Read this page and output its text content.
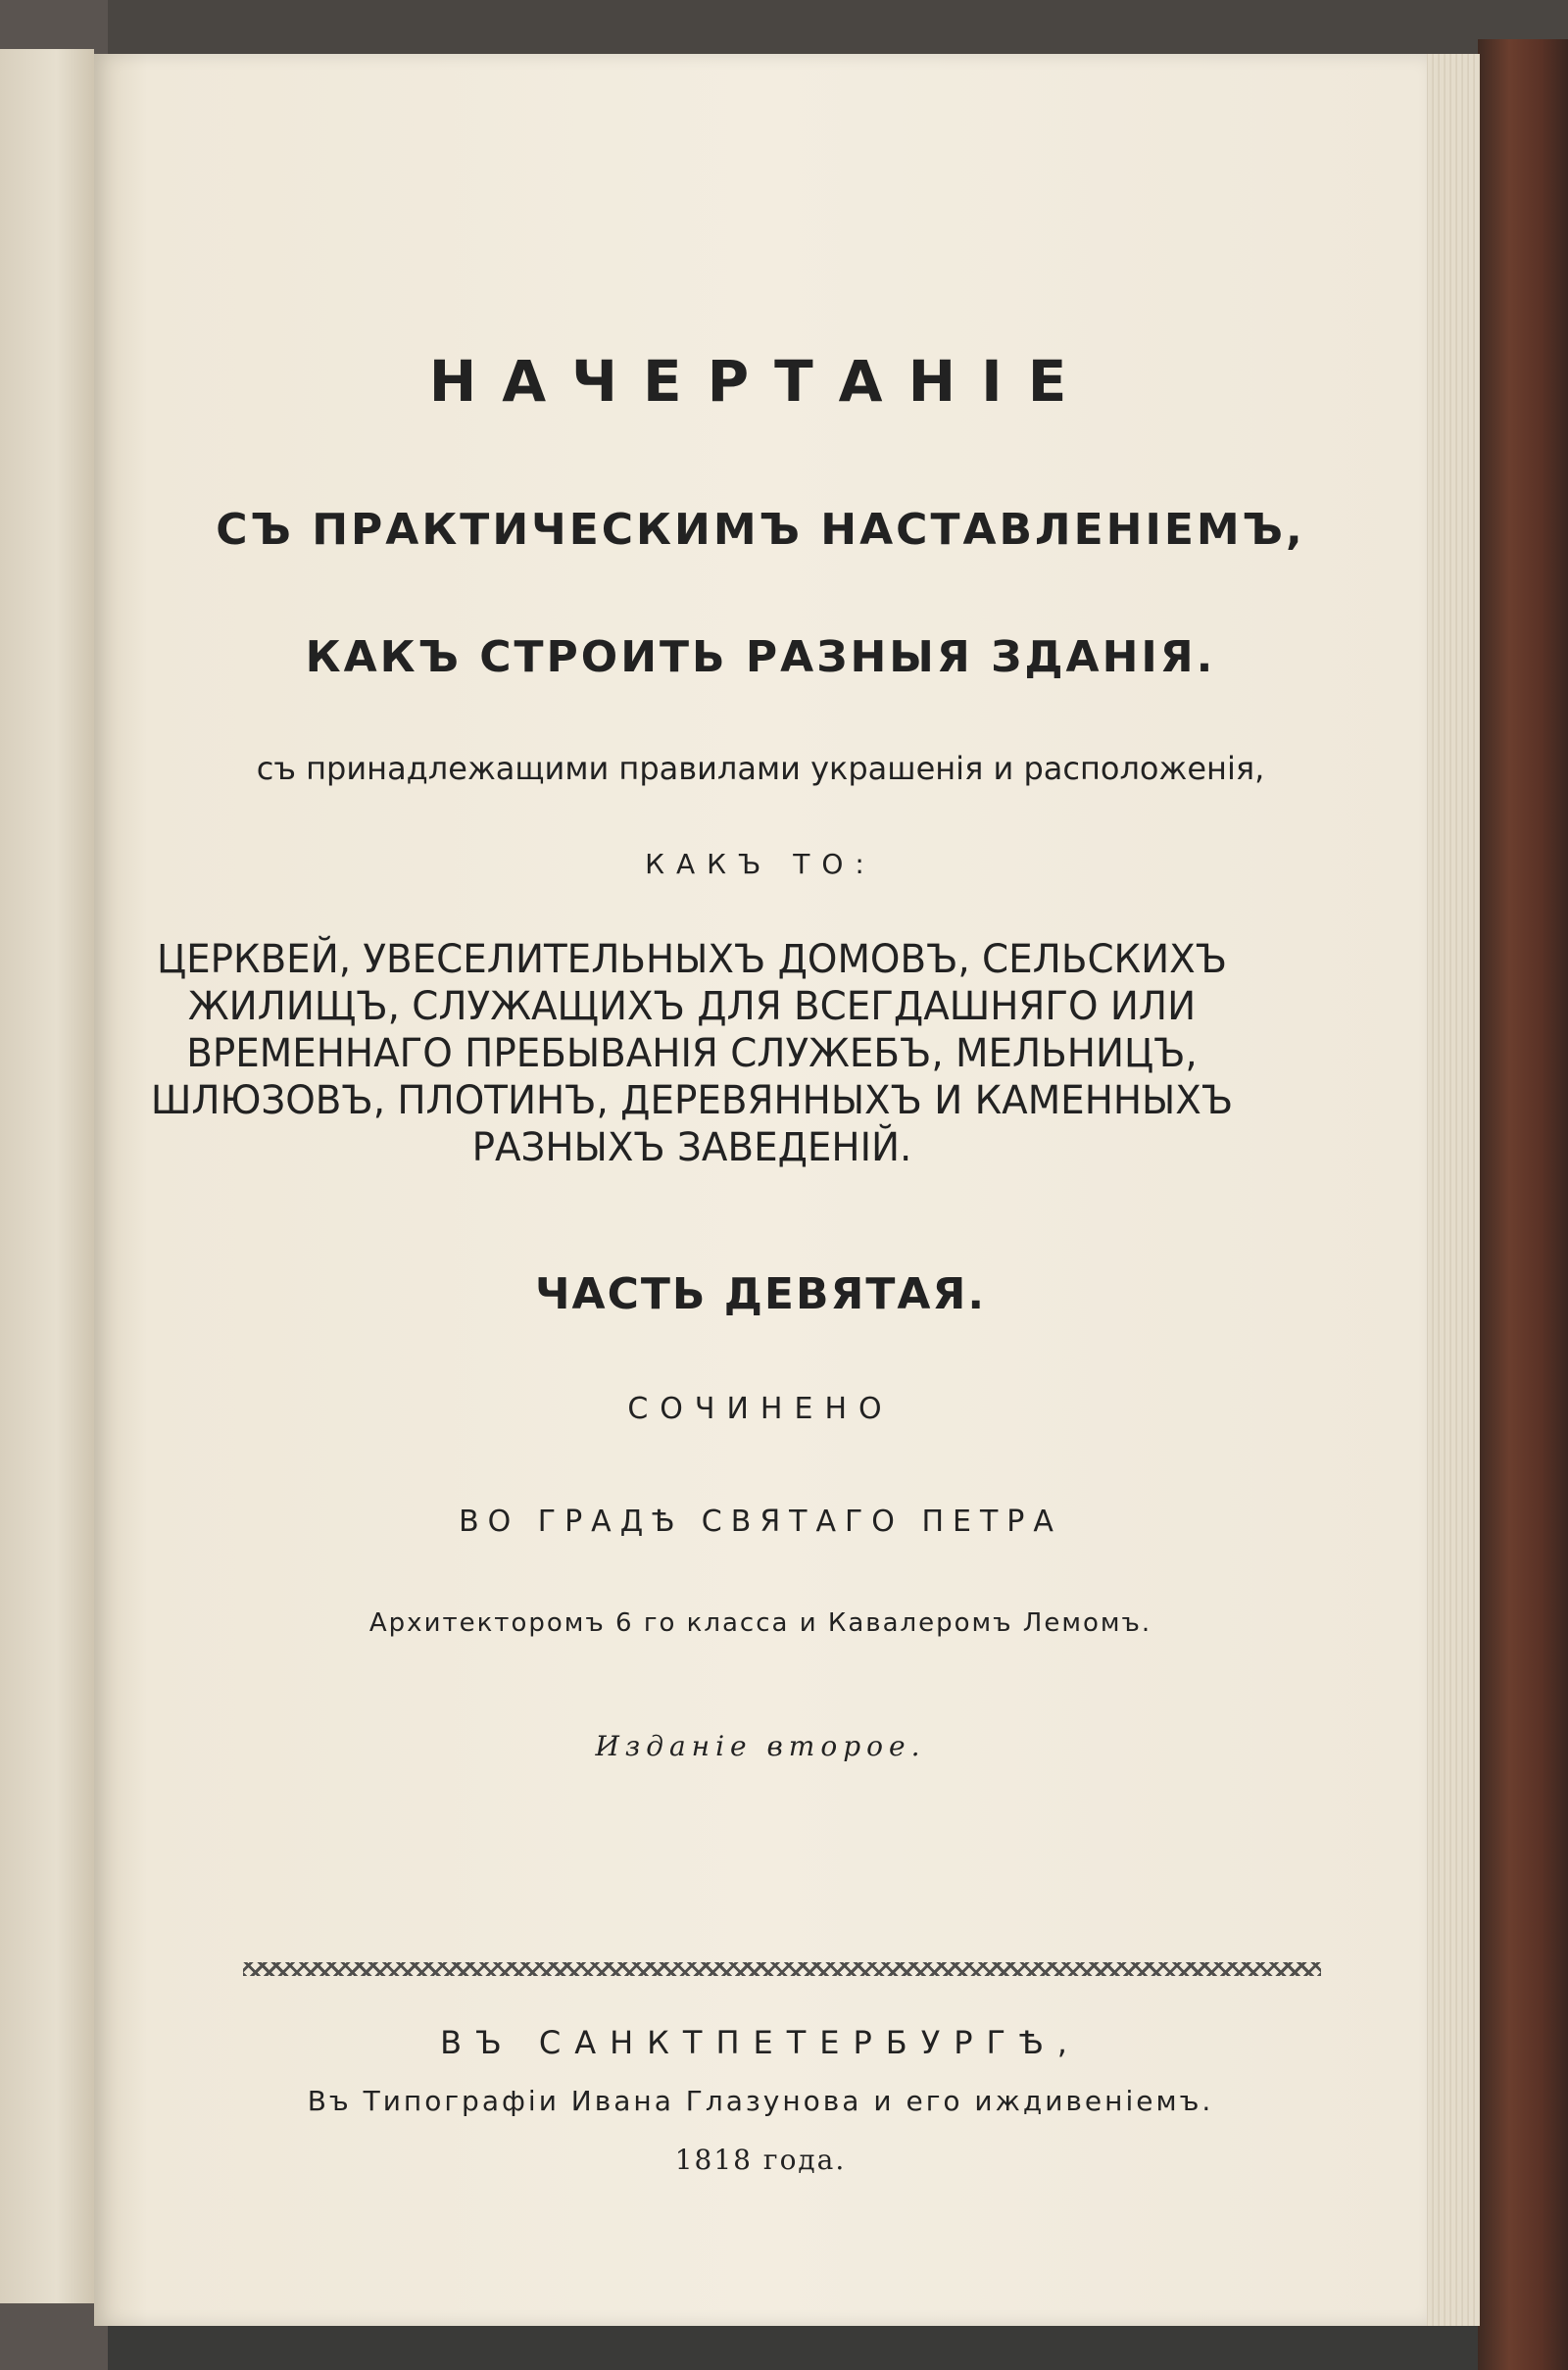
НАЧЕРТАНІЕ
СЪ ПРАКТИЧЕСКИМЪ НАСТАВЛЕНІЕМЪ,
КАКЪ СТРОИТЬ РАЗНЫЯ ЗДАНІЯ.
съ принадлежащими правилами украшенія и расположенія,
КАКЪ ТО:
ЦЕРКВЕЙ, УВЕСЕЛИТЕЛЬНЫХЪ ДОМОВЪ, СЕЛЬСКИХЪ ЖИЛИЩЪ, СЛУЖАЩИХЪ ДЛЯ ВСЕГДАШНЯГО ИЛИ ВРЕМЕННАГО ПРЕБЫВАНІЯ СЛУЖЕБЪ, МЕЛЬНИЦЪ, ШЛЮЗОВЪ, ПЛОТИНЪ, ДЕРЕВЯННЫХЪ И КАМЕННЫХЪ РАЗНЫХЪ ЗАВЕДЕНІЙ.
ЧАСТЬ ДЕВЯТАЯ.
СОЧИНЕНО
ВО ГРАДѢ СВЯТАГО ПЕТРА
Архитекторомъ 6 го класса и Кавалеромъ Лемомъ.
Изданіе второе.
ВЪ САНКТПЕТЕРБУРГѢ,
Въ Типографіи Ивана Глазунова и его иждивеніемъ.
1818 года.
